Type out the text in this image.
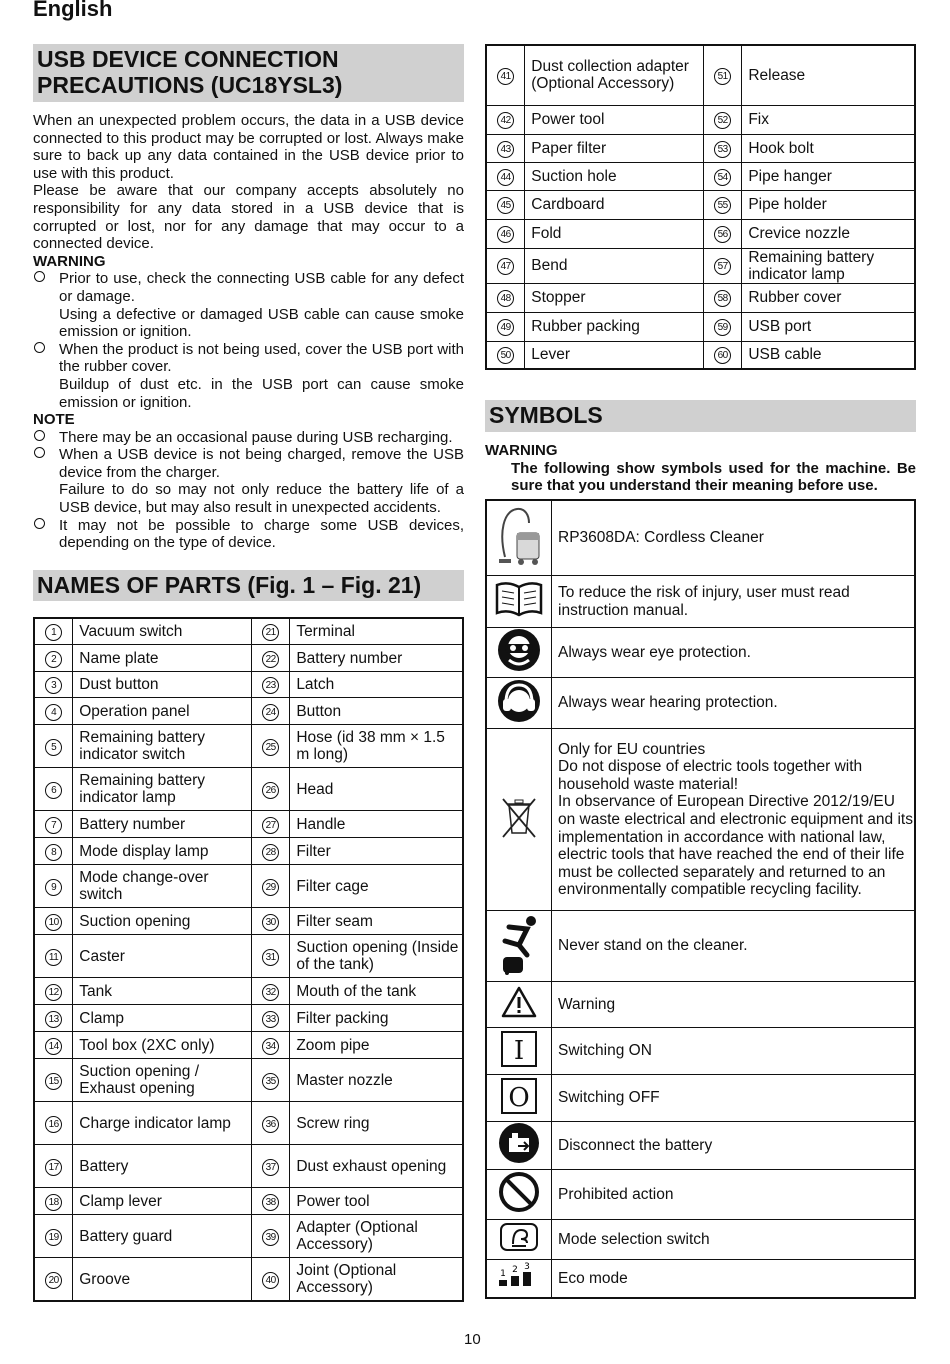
English
USB DEVICE CONNECTION PRECAUTIONS (UC18YSL3)

When an unexpected problem occurs, the data in a USB device connected to this product may be corrupted or lost. Always make sure to back up any data contained in the USB device prior to use with this product.

Please be aware that our company accepts absolutely no responsibility for any data stored in a USB device that is corrupted or lost, nor for any damage that may occur to a connected device.

WARNING
Prior to use, check the connecting USB cable for any defect or damage.
Using a defective or damaged USB cable can cause smoke emission or ignition.
When the product is not being used, cover the USB port with the rubber cover.
Buildup of dust etc. in the USB port can cause smoke emission or ignition.
NOTE
There may be an occasional pause during USB recharging.
When a USB device is not being charged, remove the USB device from the charger.
Failure to do so may not only reduce the battery life of a USB device, but may also result in unexpected accidents.
It may not be possible to charge some USB devices, depending on the type of device.
NAMES OF PARTS (Fig. 1 – Fig. 21)
1	Vacuum switch	21	Terminal
2	Name plate	22	Battery number
3	Dust button	23	Latch
4	Operation panel	24	Button
5	Remaining battery indicator switch	25	Hose (id 38 mm × 1.5 m long)
6	Remaining battery indicator lamp	26	Head
7	Battery number	27	Handle
8	Mode display lamp	28	Filter
9	Mode change-over switch	29	Filter cage
10	Suction opening	30	Filter seam
11	Caster	31	Suction opening (Inside of the tank)
12	Tank	32	Mouth of the tank
13	Clamp	33	Filter packing
14	Tool box (2XC only)	34	Zoom pipe
15	Suction opening / Exhaust opening	35	Master nozzle
16	Charge indicator lamp	36	Screw ring
17	Battery	37	Dust exhaust opening
18	Clamp lever	38	Power tool
19	Battery guard	39	Adapter (Optional Accessory)
20	Groove	40	Joint (Optional Accessory)
41	Dust collection adapter (Optional Accessory)	51	Release
42	Power tool	52	Fix
43	Paper filter	53	Hook bolt
44	Suction hole	54	Pipe hanger
45	Cardboard	55	Pipe holder
46	Fold	56	Crevice nozzle
47	Bend	57	Remaining battery indicator lamp
48	Stopper	58	Rubber cover
49	Rubber packing	59	USB port
50	Lever	60	USB cable
SYMBOLS
WARNING
The following show symbols used for the machine. Be sure that you understand their meaning before use.

RP3608DA: Cordless Cleaner

To reduce the risk of injury, user must read instruction manual.

Always wear eye protection.

Always wear hearing protection.

Only for EU countries
Do not dispose of electric tools together with household waste material!
In observance of European Directive 2012/19/EU on waste electrical and electronic equipment and its implementation in accordance with national law, electric tools that have reached the end of their life must be collected separately and returned to an environmentally compatible recycling facility.

Never stand on the cleaner.

Warning

I	Switching ON

O	Switching OFF

Disconnect the battery

Prohibited action

Mode selection switch

1 2 3	Eco mode
10
